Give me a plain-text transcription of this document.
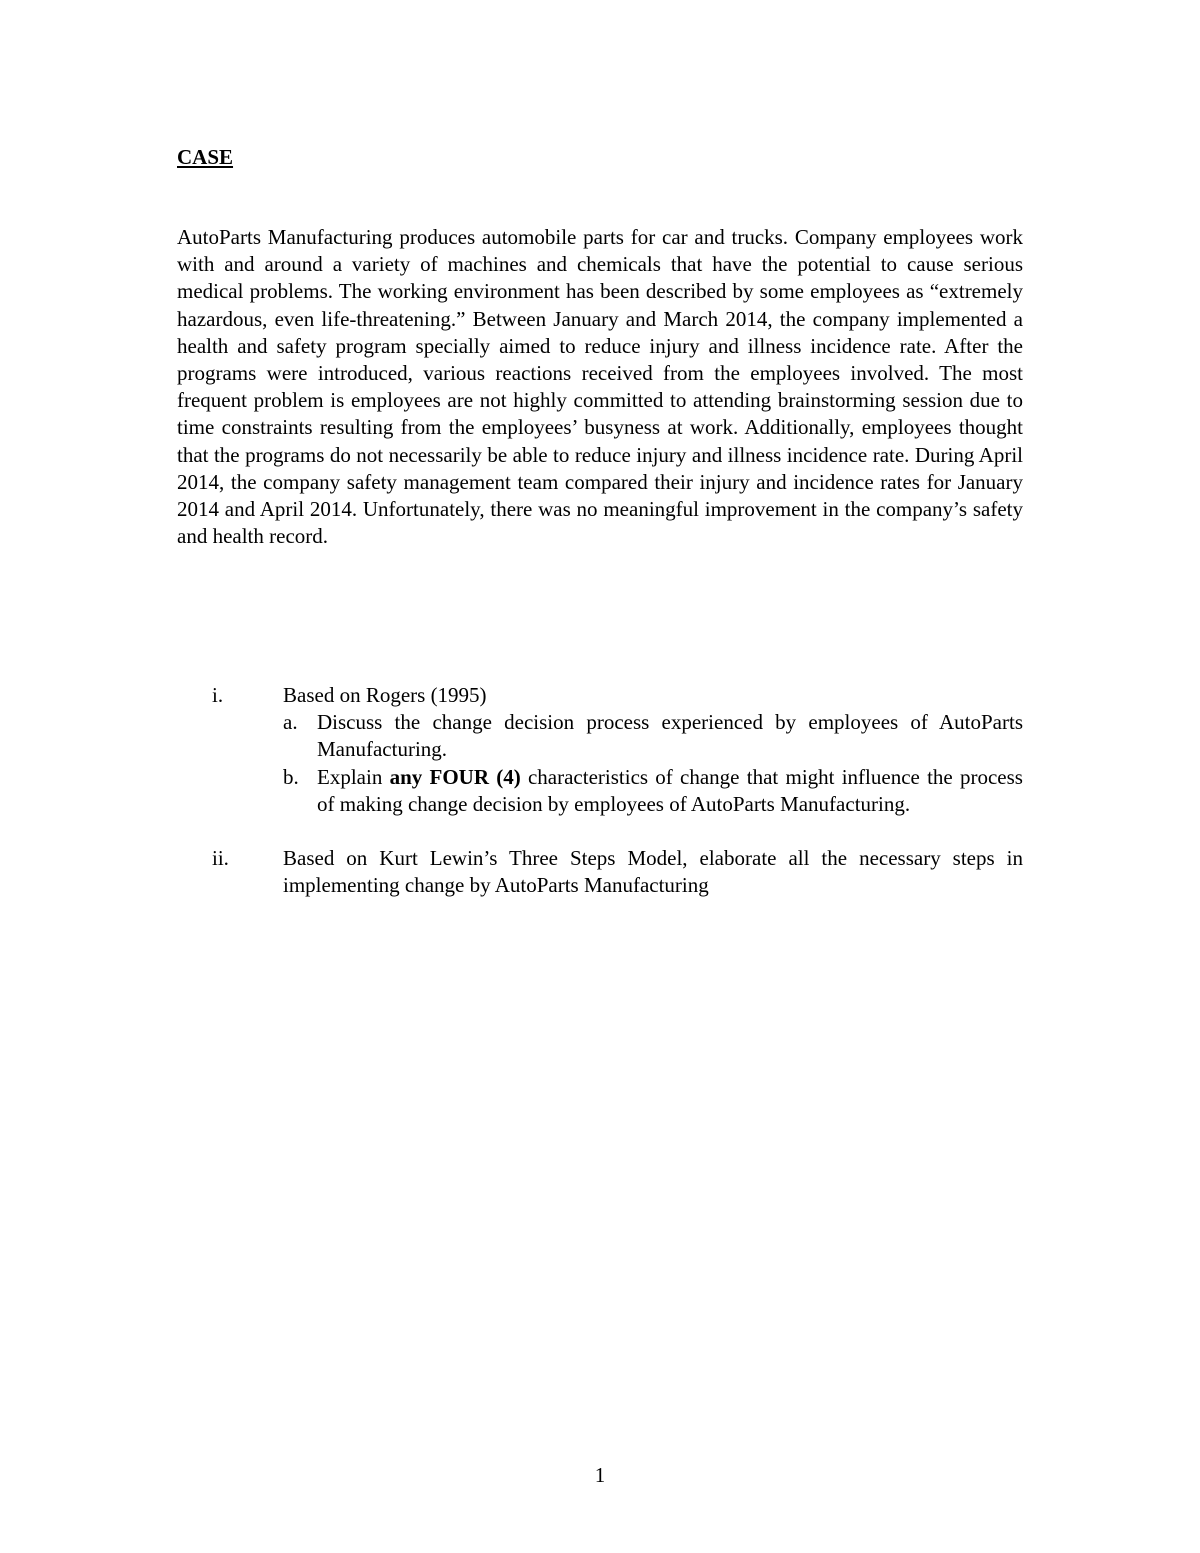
CASE

AutoParts Manufacturing produces automobile parts for car and trucks. Company employees work with and around a variety of machines and chemicals that have the potential to cause serious medical problems. The working environment has been described by some employees as “extremely hazardous, even life-threatening.” Between January and March 2014, the company implemented a health and safety program specially aimed to reduce injury and illness incidence rate. After the programs were introduced, various reactions received from the employees involved. The most frequent problem is employees are not highly committed to attending brainstorming session due to time constraints resulting from the employees’ busyness at work. Additionally, employees thought that the programs do not necessarily be able to reduce injury and illness incidence rate. During April 2014, the company safety management team compared their injury and incidence rates for January 2014 and April 2014. Unfortunately, there was no meaningful improvement in the company’s safety and health record.

i.	Based on Rogers (1995)
a. Discuss the change decision process experienced by employees of AutoParts Manufacturing.
b. Explain any FOUR (4) characteristics of change that might influence the process of making change decision by employees of AutoParts Manufacturing.
ii.	Based on Kurt Lewin’s Three Steps Model, elaborate all the necessary steps in implementing change by AutoParts Manufacturing
1
